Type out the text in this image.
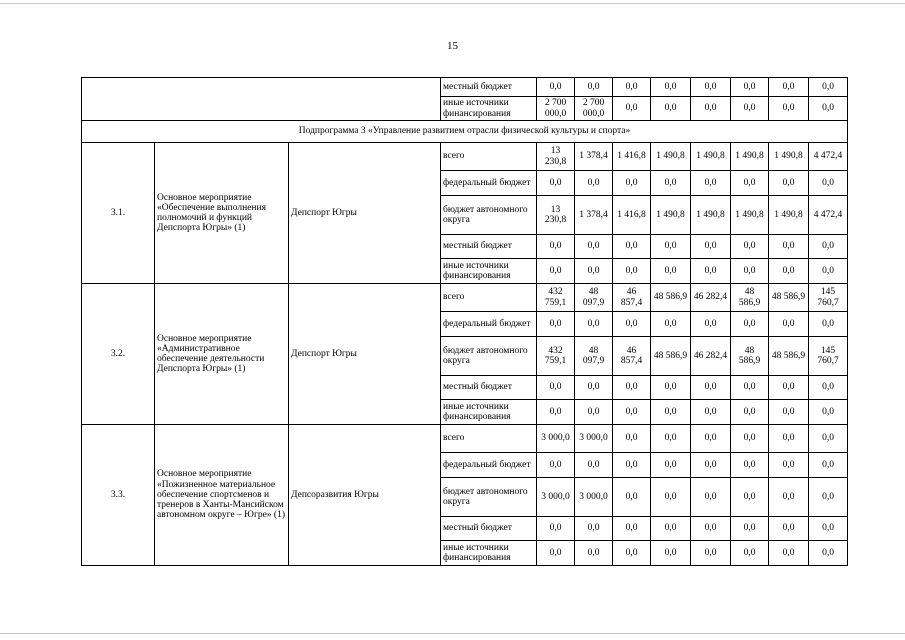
15
			местный бюджет	0,0	0,0	0,0	0,0	0,0	0,0	0,0	0,0
			иные источники финансирования	2 700 000,0	2 700 000,0	0,0	0,0	0,0	0,0	0,0	0,0
Подпрограмма 3 «Управление развитием отрасли физической культуры и спорта»											
3.1.	Основное мероприятие «Обеспечение выполнения полномочий и функций Депспорта Югры» (1)	Депспорт Югры	всего	13 230,8	1 378,4	1 416,8	1 490,8	1 490,8	1 490,8	1 490,8	4 472,4
			федеральный бюджет	0,0	0,0	0,0	0,0	0,0	0,0	0,0	0,0
			бюджет автономного округа	13 230,8	1 378,4	1 416,8	1 490,8	1 490,8	1 490,8	1 490,8	4 472,4
			местный бюджет	0,0	0,0	0,0	0,0	0,0	0,0	0,0	0,0
			иные источники финансирования	0,0	0,0	0,0	0,0	0,0	0,0	0,0	0,0
3.2.	Основное мероприятие «Административное обеспечение деятельности Депспорта Югры» (1)	Депспорт Югры	всего	432 759,1	48 097,9	46 857,4	48 586,9	46 282,4	48 586,9	48 586,9	145 760,7
			федеральный бюджет	0,0	0,0	0,0	0,0	0,0	0,0	0,0	0,0
			бюджет автономного округа	432 759,1	48 097,9	46 857,4	48 586,9	46 282,4	48 586,9	48 586,9	145 760,7
			местный бюджет	0,0	0,0	0,0	0,0	0,0	0,0	0,0	0,0
			иные источники финансирования	0,0	0,0	0,0	0,0	0,0	0,0	0,0	0,0
3.3.	Основное мероприятие «Пожизненное материальное обеспечение спортсменов и тренеров в Ханты-Мансийском автономном округе – Югре» (1)	Депсоразвития Югры	всего	3 000,0	3 000,0	0,0	0,0	0,0	0,0	0,0	0,0
			федеральный бюджет	0,0	0,0	0,0	0,0	0,0	0,0	0,0	0,0
			бюджет автономного округа	3 000,0	3 000,0	0,0	0,0	0,0	0,0	0,0	0,0
			местный бюджет	0,0	0,0	0,0	0,0	0,0	0,0	0,0	0,0
			иные источники финансирования	0,0	0,0	0,0	0,0	0,0	0,0	0,0	0,0
